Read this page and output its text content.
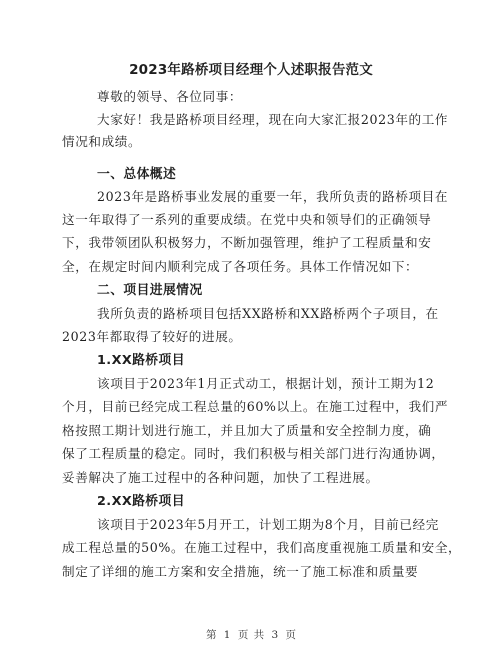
2023年路桥项目经理个人述职报告范文
尊敬的领导、各位同事：
大家好！我是路桥项目经理，现在向大家汇报2023年的工作
情况和成绩。
一、总体概述
2023年是路桥事业发展的重要一年，我所负责的路桥项目在
这一年取得了一系列的重要成绩。在党中央和领导们的正确领导
下，我带领团队积极努力，不断加强管理，维护了工程质量和安
全，在规定时间内顺利完成了各项任务。具体工作情况如下：
二、项目进展情况
我所负责的路桥项目包括XX路桥和XX路桥两个子项目，在
2023年都取得了较好的进展。
1.XX路桥项目
该项目于2023年1月正式动工，根据计划，预计工期为12
个月，目前已经完成工程总量的60%以上。在施工过程中，我们严
格按照工期计划进行施工，并且加大了质量和安全控制力度，确
保了工程质量的稳定。同时，我们积极与相关部门进行沟通协调，
妥善解决了施工过程中的各种问题，加快了工程进展。
2.XX路桥项目
该项目于2023年5月开工，计划工期为8个月，目前已经完
成工程总量的50%。在施工过程中，我们高度重视施工质量和安全，
制定了详细的施工方案和安全措施，统一了施工标准和质量要
第 1 页 共 3 页
